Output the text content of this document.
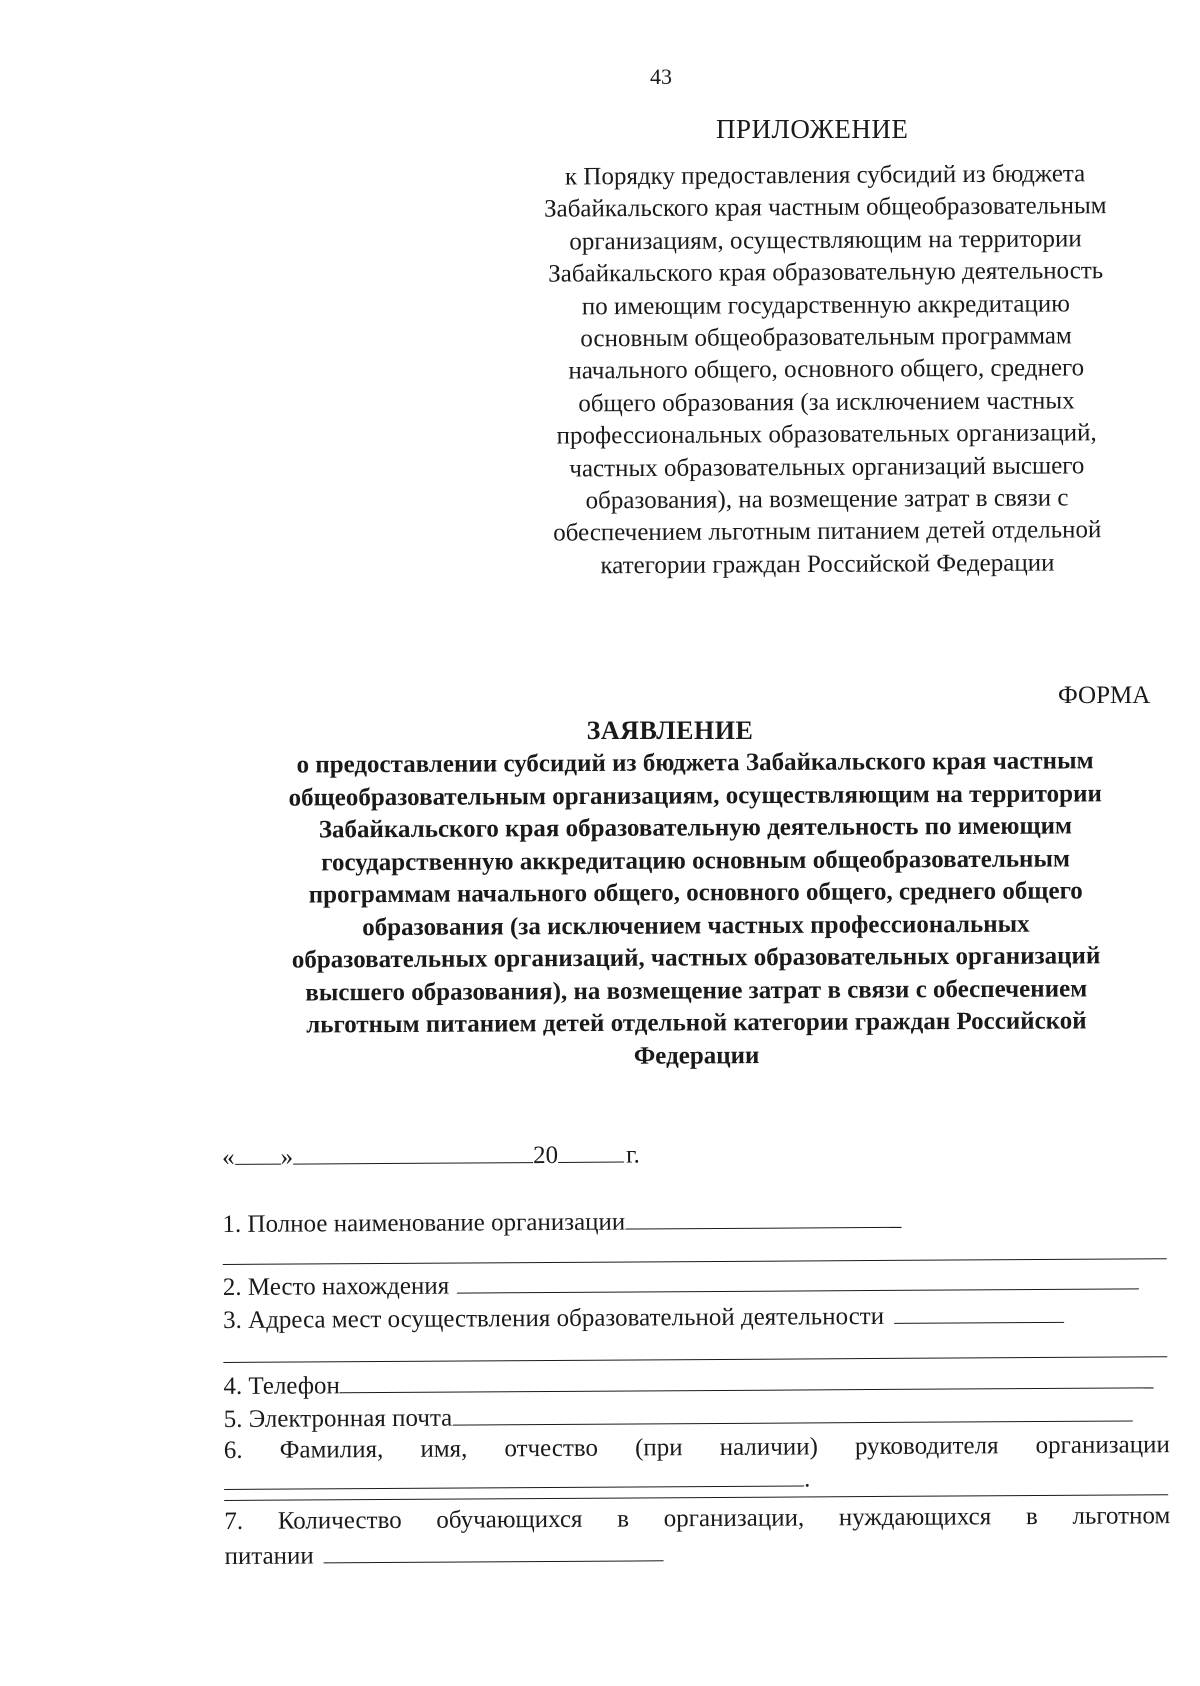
43
ПРИЛОЖЕНИЕ
к Порядку предоставления субсидий из бюджета
Забайкальского края частным общеобразовательным
организациям, осуществляющим на территории
Забайкальского края образовательную деятельность
по имеющим государственную аккредитацию
основным общеобразовательным программам
начального общего, основного общего, среднего
общего образования (за исключением частных
профессиональных образовательных организаций,
частных образовательных организаций высшего
образования), на возмещение затрат в связи с
обеспечением льготным питанием детей отдельной
категории граждан Российской Федерации
ФОРМА
ЗАЯВЛЕНИЕ
о предоставлении субсидий из бюджета Забайкальского края частным
общеобразовательным организациям, осуществляющим на территории
Забайкальского края образовательную деятельность по имеющим
государственную аккредитацию основным общеобразовательным
программам начального общего, основного общего, среднего общего
образования (за исключением частных профессиональных
образовательных организаций, частных образовательных организаций
высшего образования), на возмещение затрат в связи с обеспечением
льготным питанием детей отдельной категории граждан Российской
Федерации
« »	20	г.
1. Полное наименование организации
2. Место нахождения
3. Адреса мест осуществления образовательной деятельности
4. Телефон
5. Электронная почта
6. Фамилия, имя, отчество (при наличии) руководителя организации
.
7. Количество обучающихся в организации, нуждающихся в льготном
питании
